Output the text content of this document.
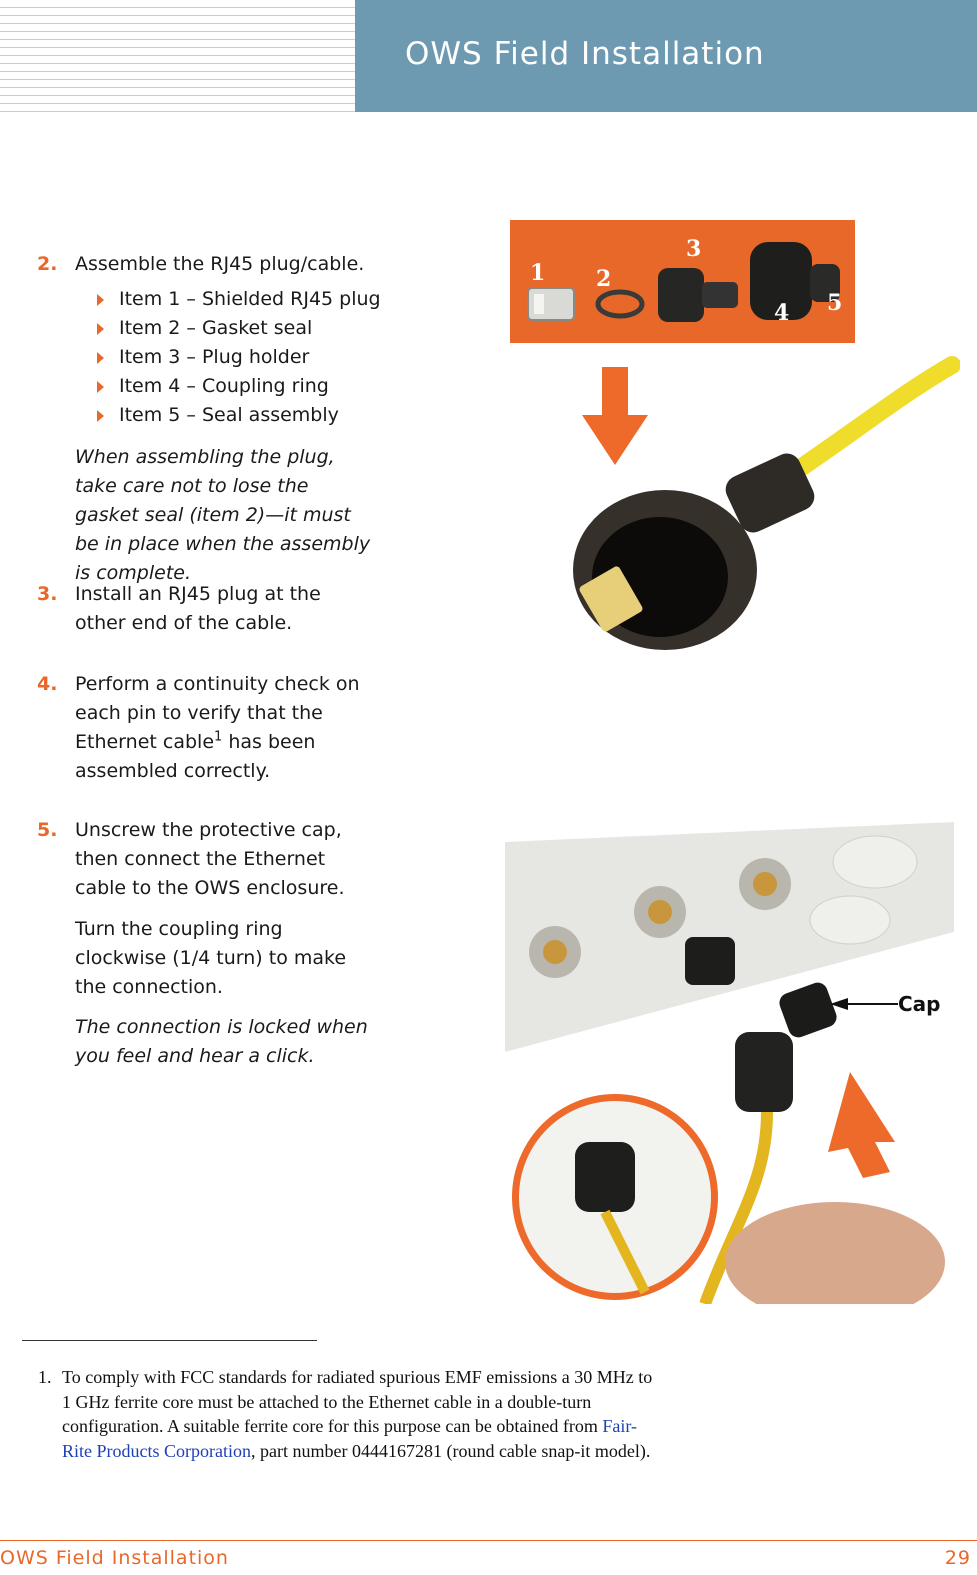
OWS Field Installation
2. Assemble the RJ45 plug/cable.
Item 1 – Shielded RJ45 plug
Item 2 – Gasket seal
Item 3 – Plug holder
Item 4 – Coupling ring
Item 5 – Seal assembly
When assembling the plug, take care not to lose the gasket seal (item 2)—it must be in place when the assembly is complete.
3. Install an RJ45 plug at the other end of the cable.
4. Perform a continuity check on each pin to verify that the Ethernet cable$^1$ has been assembled correctly.
5. Unscrew the protective cap, then connect the Ethernet cable to the OWS enclosure.
Turn the coupling ring clockwise (1/4 turn) to make the connection.
The connection is locked when you feel and hear a click.
1 2
3
4 5
Cap
1. To comply with FCC standards for radiated spurious EMF emissions a 30 MHz to 1 GHz ferrite core must be attached to the Ethernet cable in a double-turn configuration. A suitable ferrite core for this purpose can be obtained from Fair-Rite Products Corporation, part number 0444167281 (round cable snap-it model).
OWS Field Installation	29
